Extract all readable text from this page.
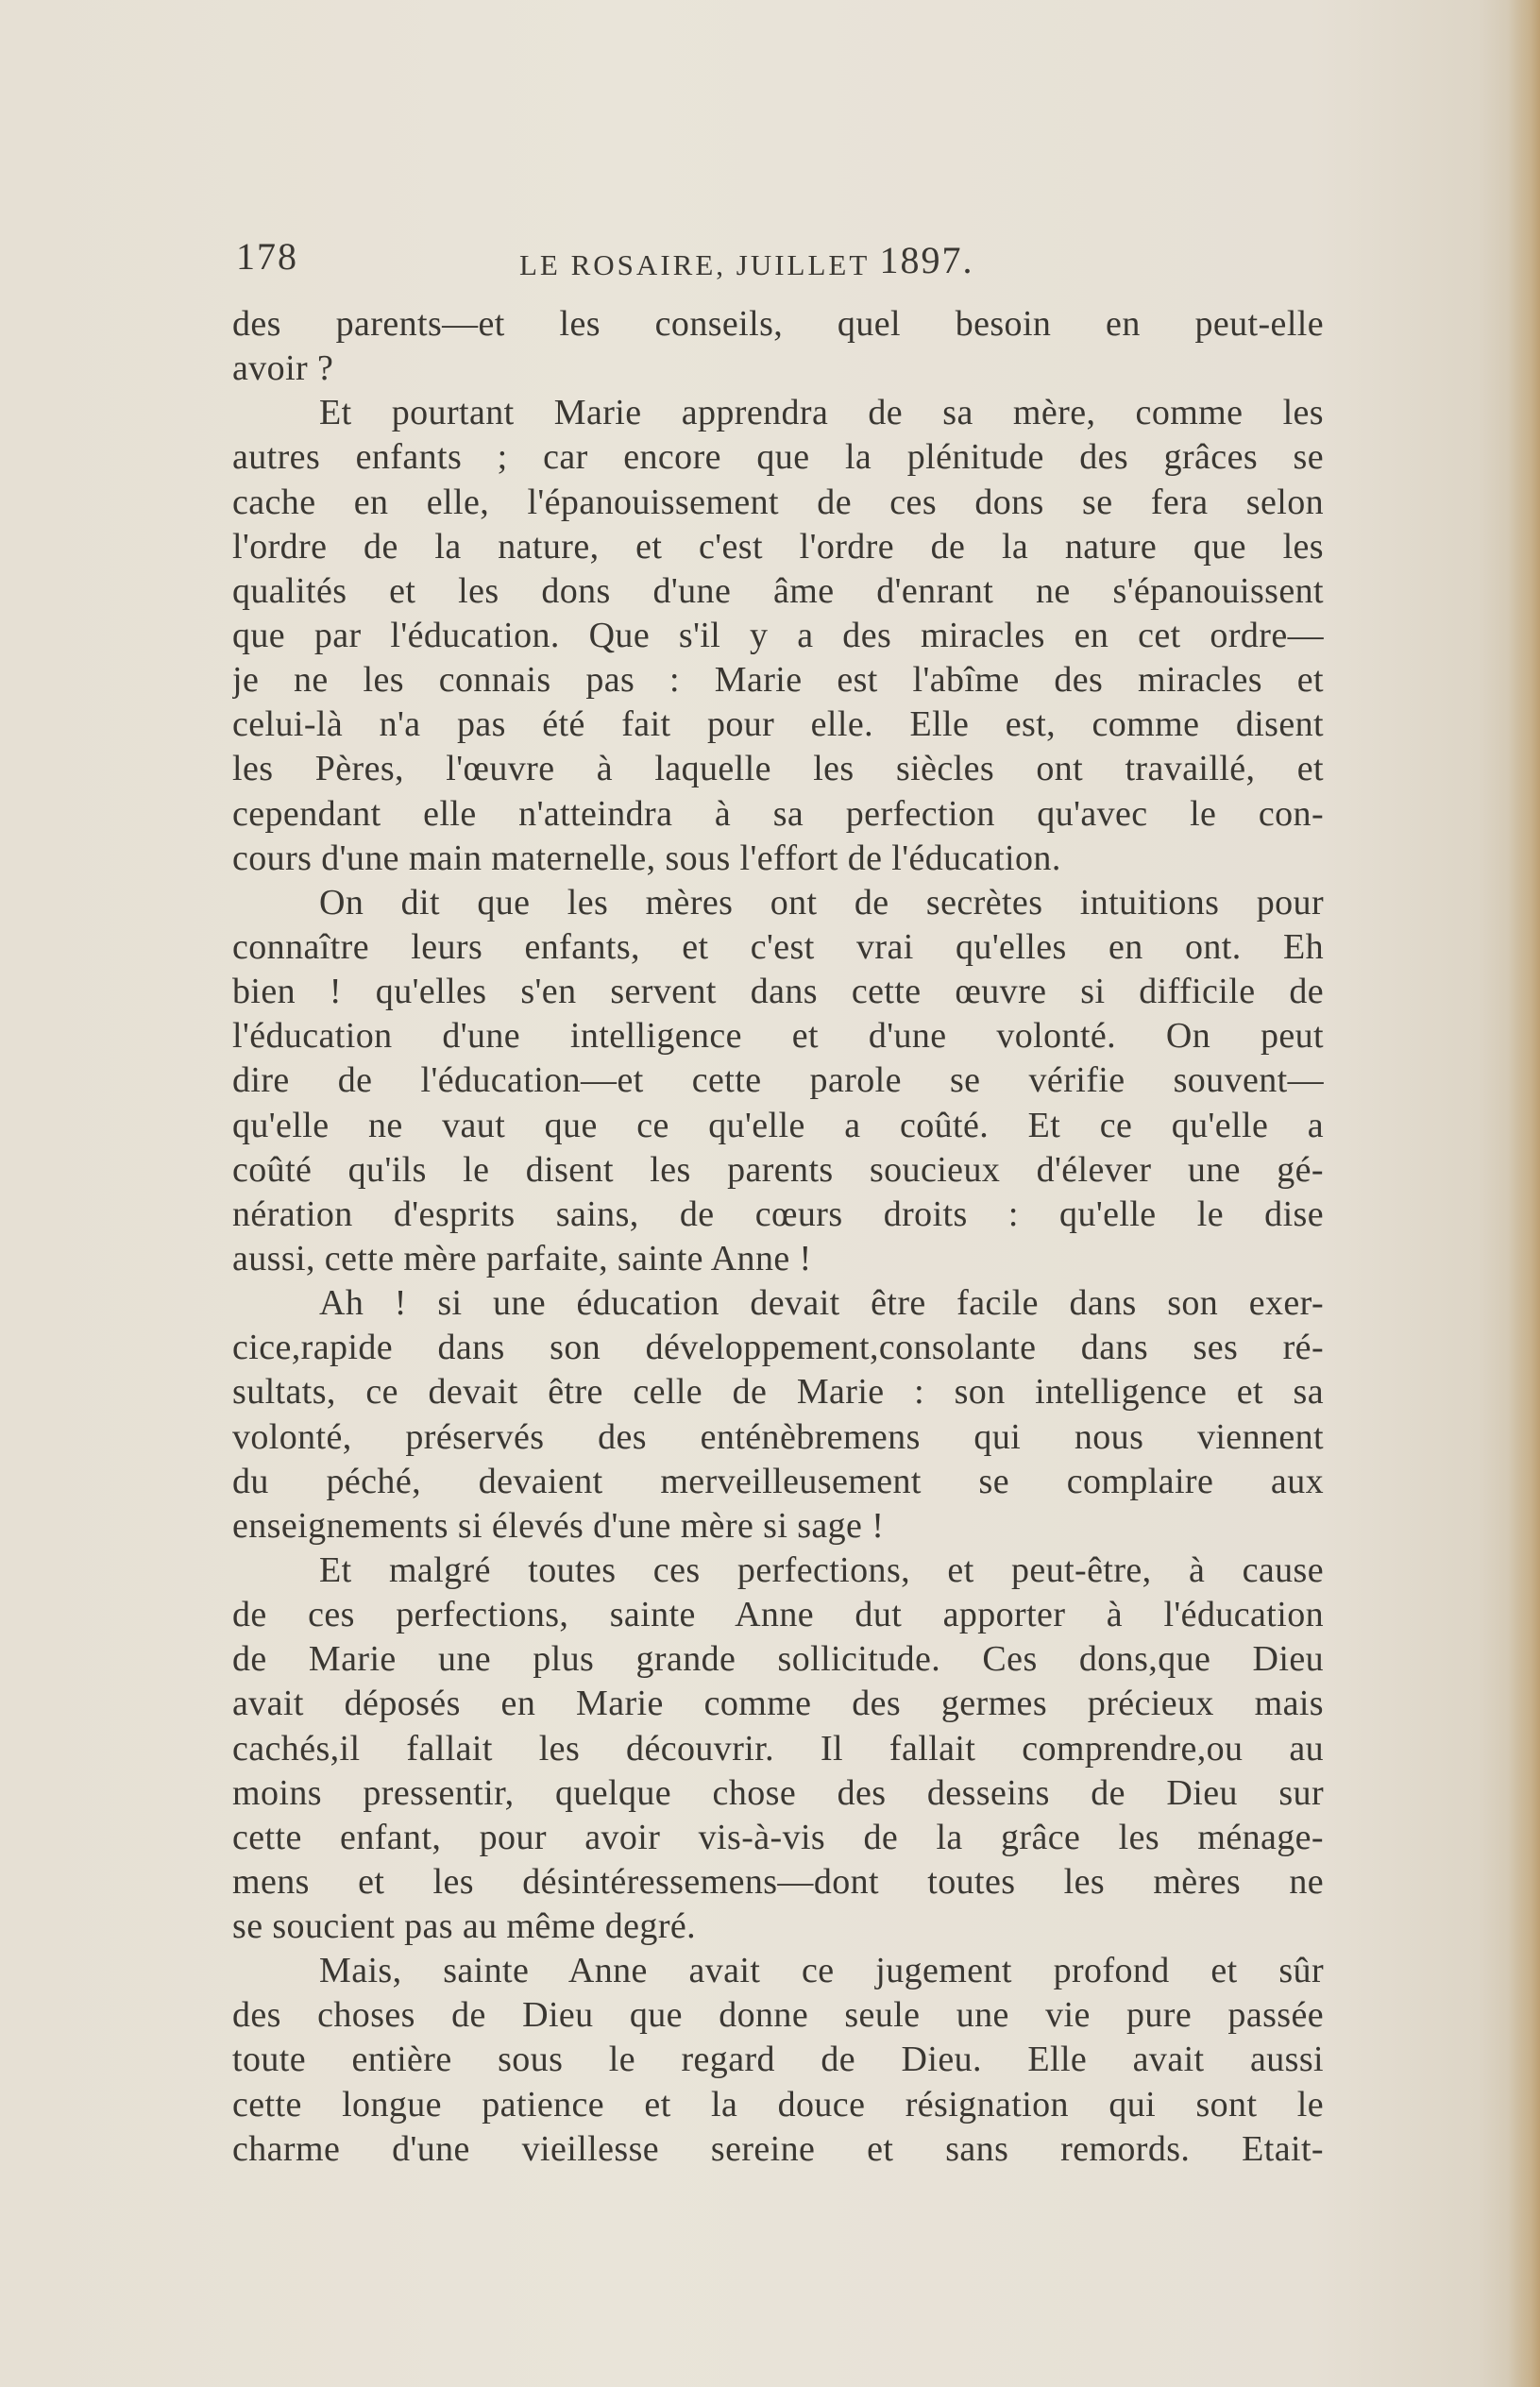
178	LE ROSAIRE, JUILLET 1897.
des parents—et les conseils, quel besoin en peut-elle
avoir ?
Et pourtant Marie apprendra de sa mère, comme les
autres enfants ; car encore que la plénitude des grâces se
cache en elle, l'épanouissement de ces dons se fera selon
l'ordre de la nature, et c'est l'ordre de la nature que les
qualités et les dons d'une âme d'enrant ne s'épanouissent
que par l'éducation. Que s'il y a des miracles en cet ordre—
je ne les connais pas : Marie est l'abîme des miracles et
celui-là n'a pas été fait pour elle. Elle est, comme disent
les Pères, l'œuvre à laquelle les siècles ont travaillé, et
cependant elle n'atteindra à sa perfection qu'avec le con-
cours d'une main maternelle, sous l'effort de l'éducation.
On dit que les mères ont de secrètes intuitions pour
connaître leurs enfants, et c'est vrai qu'elles en ont. Eh
bien ! qu'elles s'en servent dans cette œuvre si difficile de
l'éducation d'une intelligence et d'une volonté. On peut
dire de l'éducation—et cette parole se vérifie souvent—
qu'elle ne vaut que ce qu'elle a coûté. Et ce qu'elle a
coûté qu'ils le disent les parents soucieux d'élever une gé-
nération d'esprits sains, de cœurs droits : qu'elle le dise
aussi, cette mère parfaite, sainte Anne !
Ah ! si une éducation devait être facile dans son exer-
cice,rapide dans son développement,consolante dans ses ré-
sultats, ce devait être celle de Marie : son intelligence et sa
volonté, préservés des enténèbremens qui nous viennent
du péché, devaient merveilleusement se complaire aux
enseignements si élevés d'une mère si sage !
Et malgré toutes ces perfections, et peut-être, à cause
de ces perfections, sainte Anne dut apporter à l'éducation
de Marie une plus grande sollicitude. Ces dons,que Dieu
avait déposés en Marie comme des germes précieux mais
cachés,il fallait les découvrir. Il fallait comprendre,ou au
moins pressentir, quelque chose des desseins de Dieu sur
cette enfant, pour avoir vis-à-vis de la grâce les ménage-
mens et les désintéressemens—dont toutes les mères ne
se soucient pas au même degré.
Mais, sainte Anne avait ce jugement profond et sûr
des choses de Dieu que donne seule une vie pure passée
toute entière sous le regard de Dieu. Elle avait aussi
cette longue patience et la douce résignation qui sont le
charme d'une vieillesse sereine et sans remords. Etait-
